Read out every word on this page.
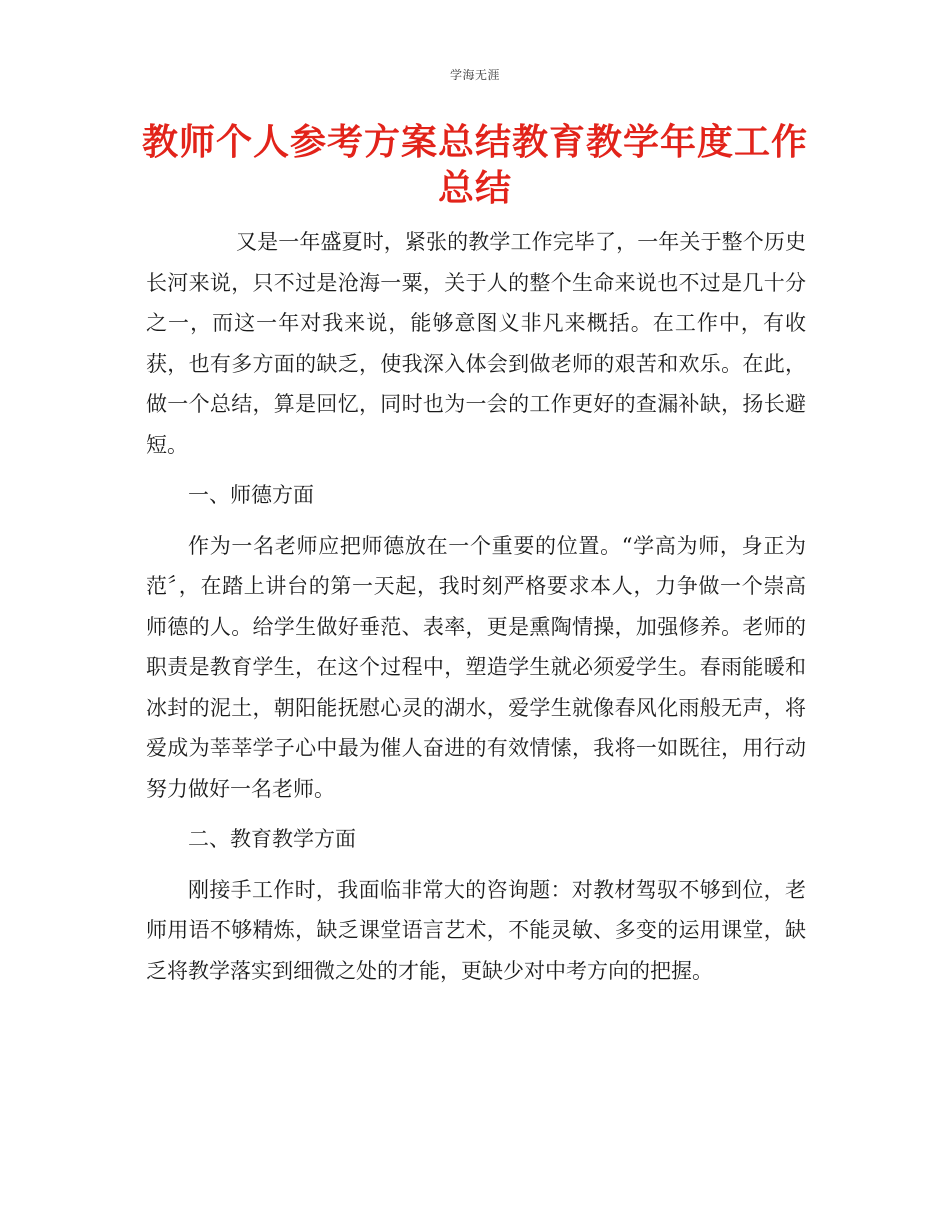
学海无涯
教师个人参考方案总结教育教学年度工作总结

又是一年盛夏时，紧张的教学工作完毕了，一年关于整个历史长河来说，只不过是沧海一粟，关于人的整个生命来说也不过是几十分之一，而这一年对我来说，能够意图义非凡来概括。在工作中，有收获，也有多方面的缺乏，使我深入体会到做老师的艰苦和欢乐。在此，做一个总结，算是回忆，同时也为一会的工作更好的查漏补缺，扬长避短。

一、师德方面

作为一名老师应把师德放在一个重要的位置。“学高为师，身正为范〞，在踏上讲台的第一天起，我时刻严格要求本人，力争做一个崇高师德的人。给学生做好垂范、表率，更是熏陶情操，加强修养。老师的职责是教育学生，在这个过程中，塑造学生就必须爱学生。春雨能暖和冰封的泥土，朝阳能抚慰心灵的湖水，爱学生就像春风化雨般无声，将爱成为莘莘学子心中最为催人奋进的有效情愫，我将一如既往，用行动努力做好一名老师。

二、教育教学方面

刚接手工作时，我面临非常大的咨询题：对教材驾驭不够到位，老师用语不够精炼，缺乏课堂语言艺术，不能灵敏、多变的运用课堂，缺乏将教学落实到细微之处的才能，更缺少对中考方向的把握。
